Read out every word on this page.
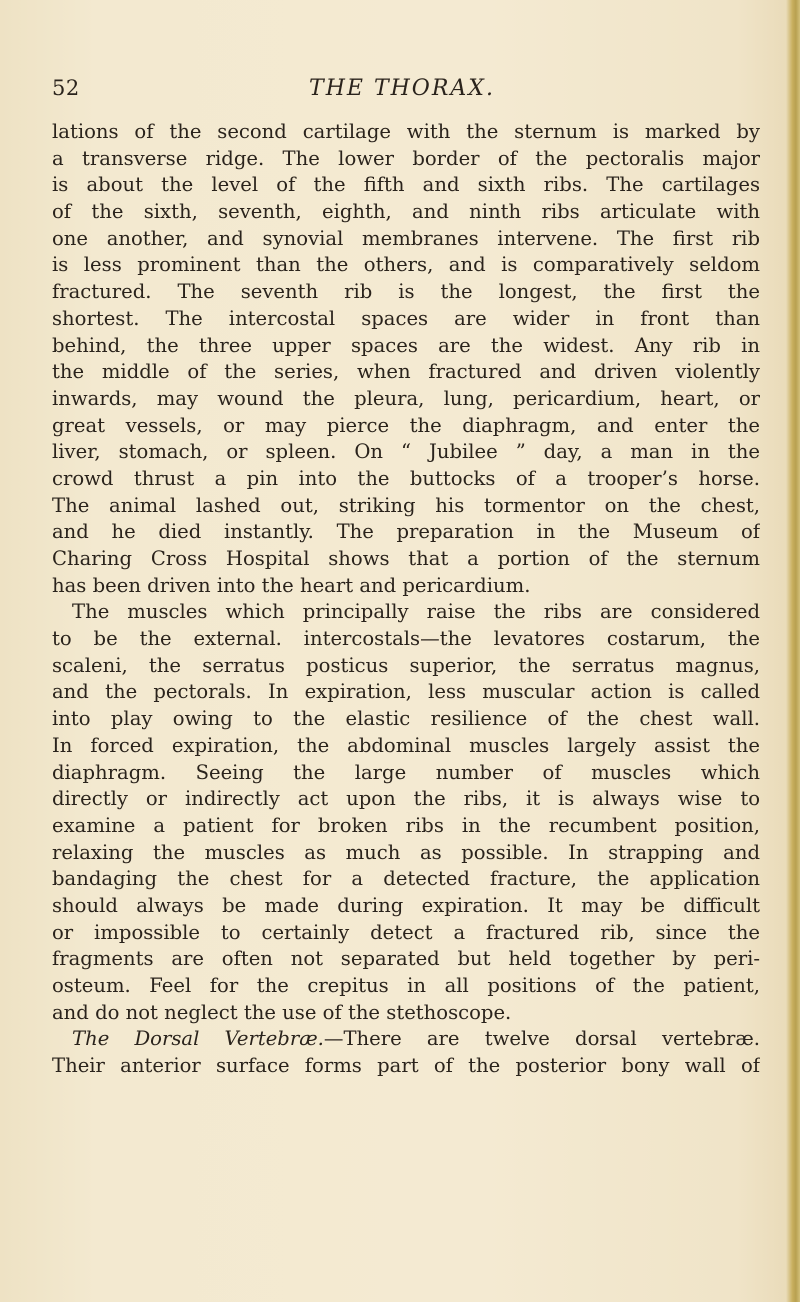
52	THE THORAX.
lations of the second cartilage with the sternum is marked by
a transverse ridge. The lower border of the pectoralis major
is about the level of the fifth and sixth ribs. The cartilages
of the sixth, seventh, eighth, and ninth ribs articulate with
one another, and synovial membranes intervene. The first rib
is less prominent than the others, and is comparatively seldom
fractured. The seventh rib is the longest, the first the
shortest. The intercostal spaces are wider in front than
behind, the three upper spaces are the widest. Any rib in
the middle of the series, when fractured and driven violently
inwards, may wound the pleura, lung, pericardium, heart, or
great vessels, or may pierce the diaphragm, and enter the
liver, stomach, or spleen. On “ Jubilee ” day, a man in the
crowd thrust a pin into the buttocks of a trooper’s horse.
The animal lashed out, striking his tormentor on the chest,
and he died instantly. The preparation in the Museum of
Charing Cross Hospital shows that a portion of the sternum
has been driven into the heart and pericardium.
The muscles which principally raise the ribs are considered
to be the external. intercostals—the levatores costarum, the
scaleni, the serratus posticus superior, the serratus magnus,
and the pectorals. In expiration, less muscular action is called
into play owing to the elastic resilience of the chest wall.
In forced expiration, the abdominal muscles largely assist the
diaphragm. Seeing the large number of muscles which
directly or indirectly act upon the ribs, it is always wise to
examine a patient for broken ribs in the recumbent position,
relaxing the muscles as much as possible. In strapping and
bandaging the chest for a detected fracture, the application
should always be made during expiration. It may be difficult
or impossible to certainly detect a fractured rib, since the
fragments are often not separated but held together by peri-
osteum. Feel for the crepitus in all positions of the patient,
and do not neglect the use of the stethoscope.
The Dorsal Vertebræ.—There are twelve dorsal vertebræ.
Their anterior surface forms part of the posterior bony wall of
